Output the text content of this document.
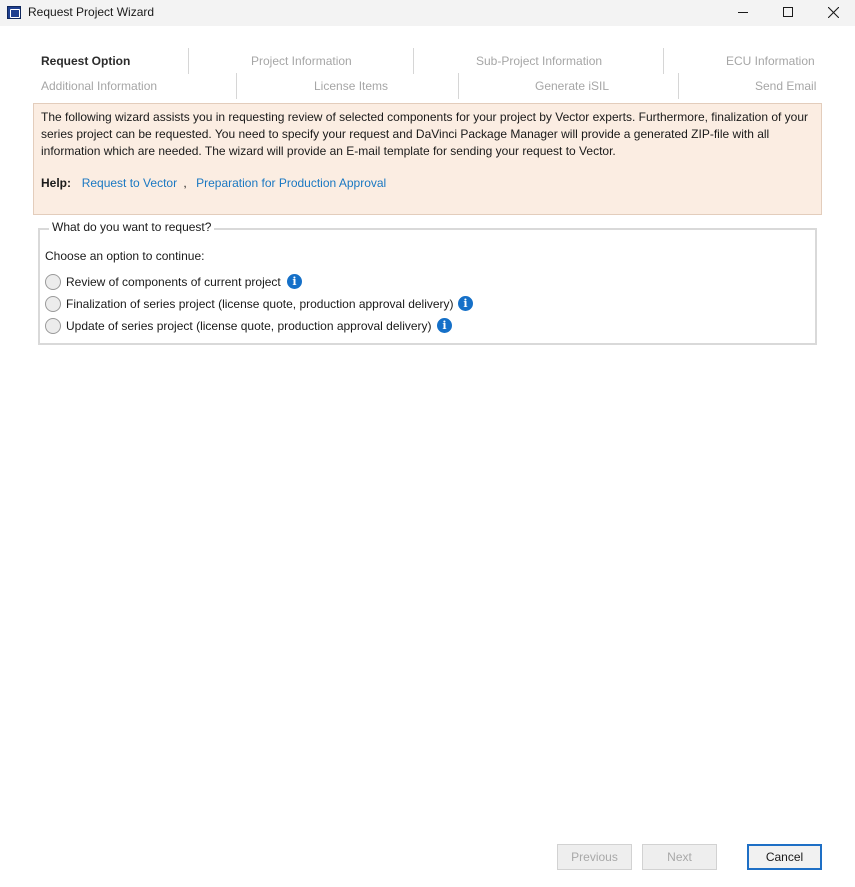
Request Project Wizard
Request Option	Project Information	Sub-Project Information	ECU Information
Additional Information	License Items	Generate iSIL	Send Email
The following wizard assists you in requesting review of selected components for your project by Vector experts. Furthermore, finalization of your series project can be requested. You need to specify your request and DaVinci Package Manager will provide a generated ZIP-file with all information which are needed. The wizard will provide an E-mail template for sending your request to Vector.
Help: Request to Vector , Preparation for Production Approval
What do you want to request?
Choose an option to continue:
Review of components of current project	i
Finalization of series project (license quote, production approval delivery) i
Update of series project (license quote, production approval delivery) i
Previous	Next	Cancel
